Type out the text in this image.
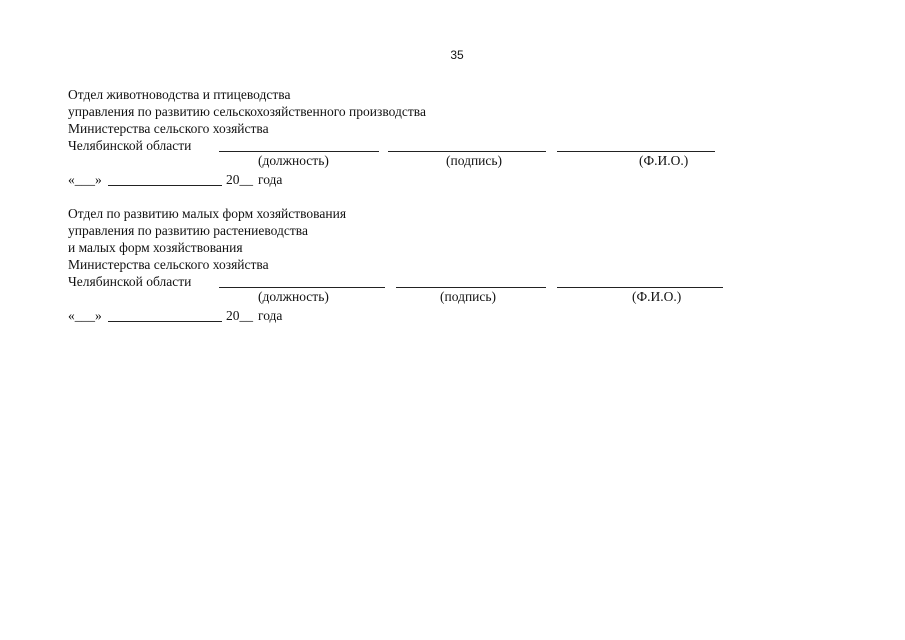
35
Отдел животноводства и птицеводства
управления по развитию сельскохозяйственного производства
Министерства сельского хозяйства
Челябинской области
(должность)	(подпись)	(Ф.И.О.)
«___»	20__ года
Отдел по развитию малых форм хозяйствования
управления по развитию растениеводства
и малых форм хозяйствования
Министерства сельского хозяйства
Челябинской области
(должность)	(подпись)	(Ф.И.О.)
«___»	20__ года
